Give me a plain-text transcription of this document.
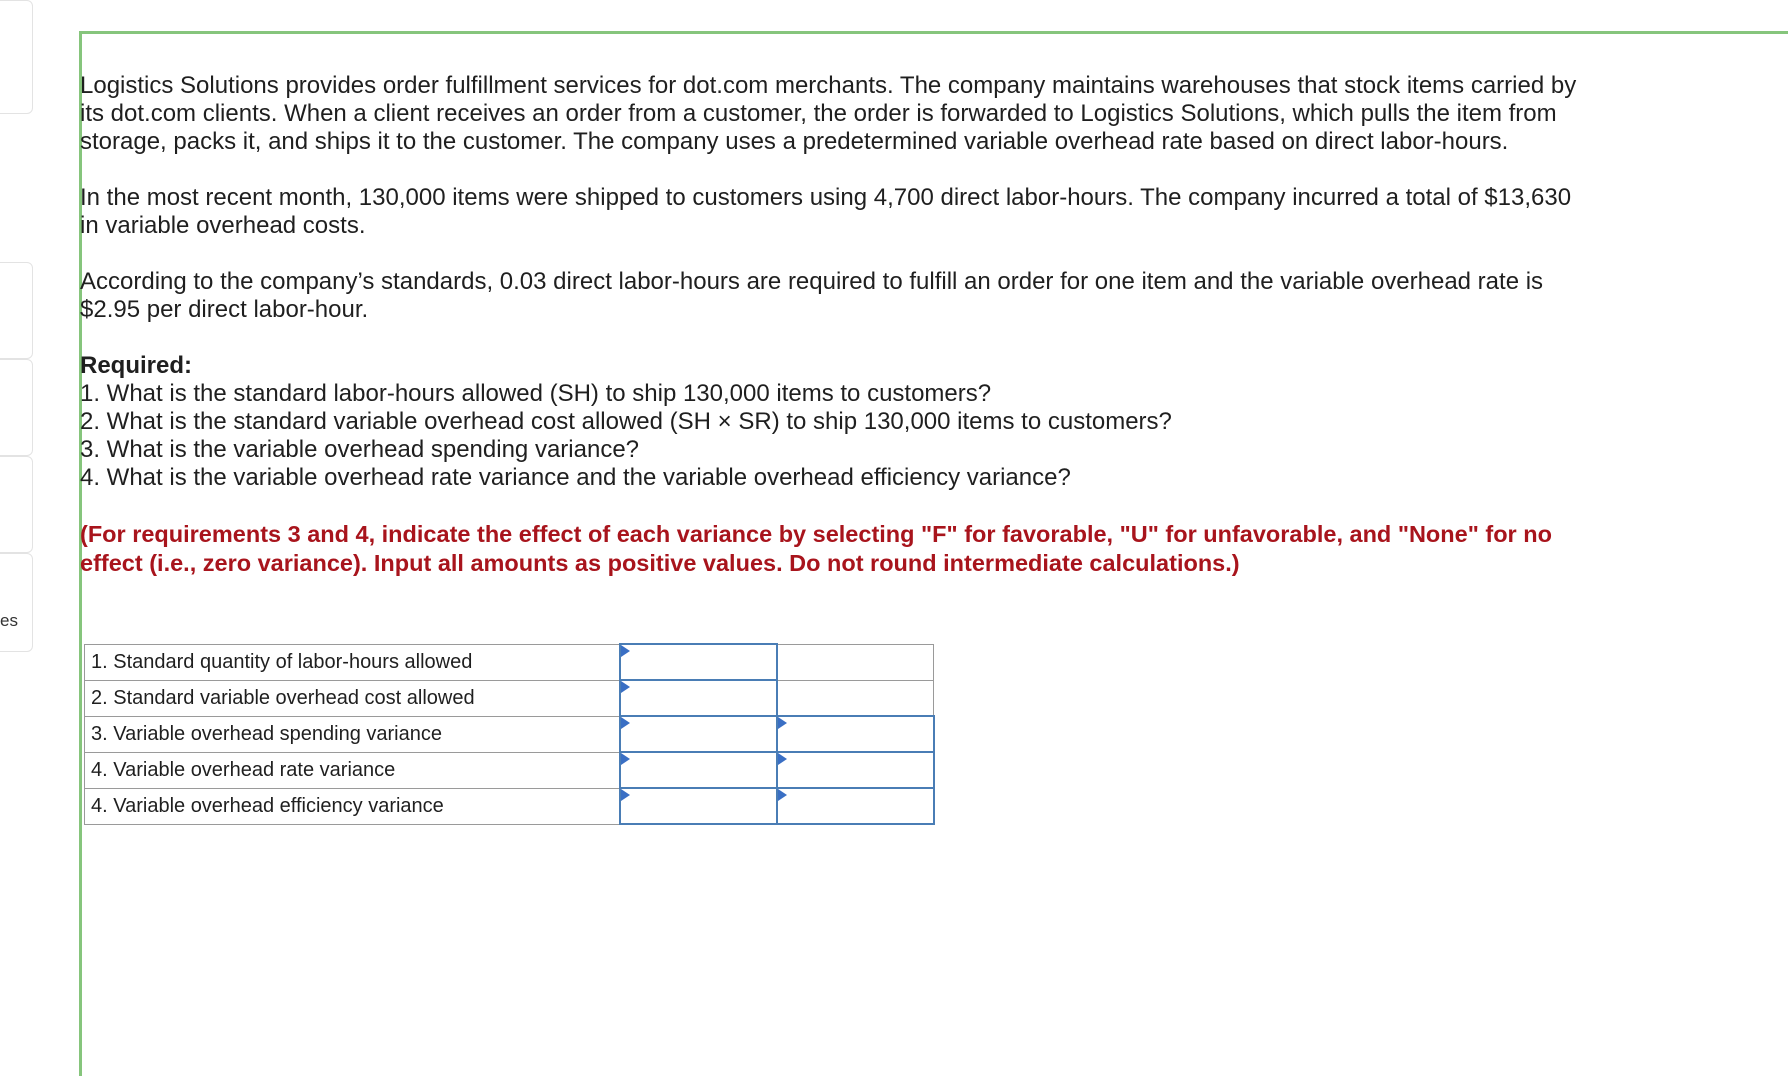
es

Logistics Solutions provides order fulfillment services for dot.com merchants. The company maintains warehouses that stock items carried by its dot.com clients. When a client receives an order from a customer, the order is forwarded to Logistics Solutions, which pulls the item from storage, packs it, and ships it to the customer. The company uses a predetermined variable overhead rate based on direct labor-hours.

In the most recent month, 130,000 items were shipped to customers using 4,700 direct labor-hours. The company incurred a total of $13,630 in variable overhead costs.

According to the company’s standards, 0.03 direct labor-hours are required to fulfill an order for one item and the variable overhead rate is $2.95 per direct labor-hour.

Required:
1. What is the standard labor-hours allowed (SH) to ship 130,000 items to customers?
2. What is the standard variable overhead cost allowed (SH × SR) to ship 130,000 items to customers?
3. What is the variable overhead spending variance?
4. What is the variable overhead rate variance and the variable overhead efficiency variance?
(For requirements 3 and 4, indicate the effect of each variance by selecting "F" for favorable, "U" for unfavorable, and "None" for no effect (i.e., zero variance). Input all amounts as positive values. Do not round intermediate calculations.)
1. Standard quantity of labor-hours allowed	

2. Standard variable overhead cost allowed	

3. Variable overhead spending variance	

4. Variable overhead rate variance	

4. Variable overhead efficiency variance	
